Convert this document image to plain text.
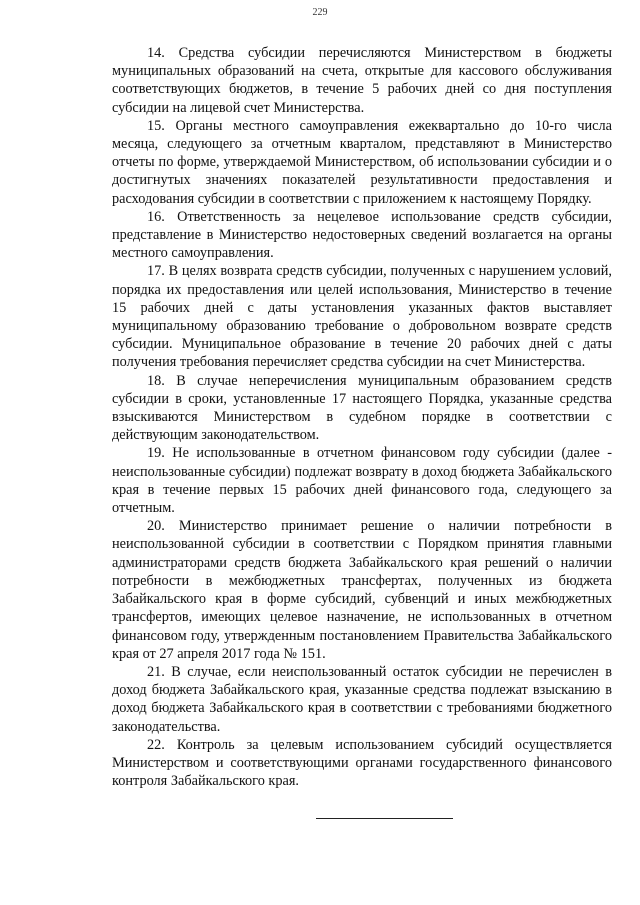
229

14. Средства субсидии перечисляются Министерством в бюджеты муниципальных образований на счета, открытые для кассового обслуживания соответствующих бюджетов, в течение 5 рабочих дней со дня поступления субсидии на лицевой счет Министерства.

15. Органы местного самоуправления ежеквартально до 10-го числа месяца, следующего за отчетным кварталом, представляют в Министерство отчеты по форме, утверждаемой Министерством, об использовании субсидии и о достигнутых значениях показателей результативности предоставления и расходования субсидии в соответствии с приложением к настоящему Порядку.

16. Ответственность за нецелевое использование средств субсидии, представление в Министерство недостоверных сведений возлагается на органы местного самоуправления.

17. В целях возврата средств субсидии, полученных с нарушением условий, порядка их предоставления или целей использования, Министерство в течение 15 рабочих дней с даты установления указанных фактов выставляет муниципальному образованию требование о добровольном возврате средств субсидии. Муниципальное образование в течение 20 рабочих дней с даты получения требования перечисляет средства субсидии на счет Министерства.

18. В случае неперечисления муниципальным образованием средств субсидии в сроки, установленные 17 настоящего Порядка, указанные средства взыскиваются Министерством в судебном порядке в соответствии с действующим законодательством.

19. Не использованные в отчетном финансовом году субсидии (далее - неиспользованные субсидии) подлежат возврату в доход бюджета Забайкальского края в течение первых 15 рабочих дней финансового года, следующего за отчетным.

20. Министерство принимает решение о наличии потребности в неиспользованной субсидии в соответствии с Порядком принятия главными администраторами средств бюджета Забайкальского края решений о наличии потребности в межбюджетных трансфертах, полученных из бюджета Забайкальского края в форме субсидий, субвенций и иных межбюджетных трансфертов, имеющих целевое назначение, не использованных в отчетном финансовом году, утвержденным постановлением Правительства Забайкальского края от 27 апреля 2017 года № 151.

21. В случае, если неиспользованный остаток субсидии не перечислен в доход бюджета Забайкальского края, указанные средства подлежат взысканию в доход бюджета Забайкальского края в соответствии с требованиями бюджетного законодательства.

22. Контроль за целевым использованием субсидий осуществляется Министерством и соответствующими органами государственного финансового контроля Забайкальского края.
